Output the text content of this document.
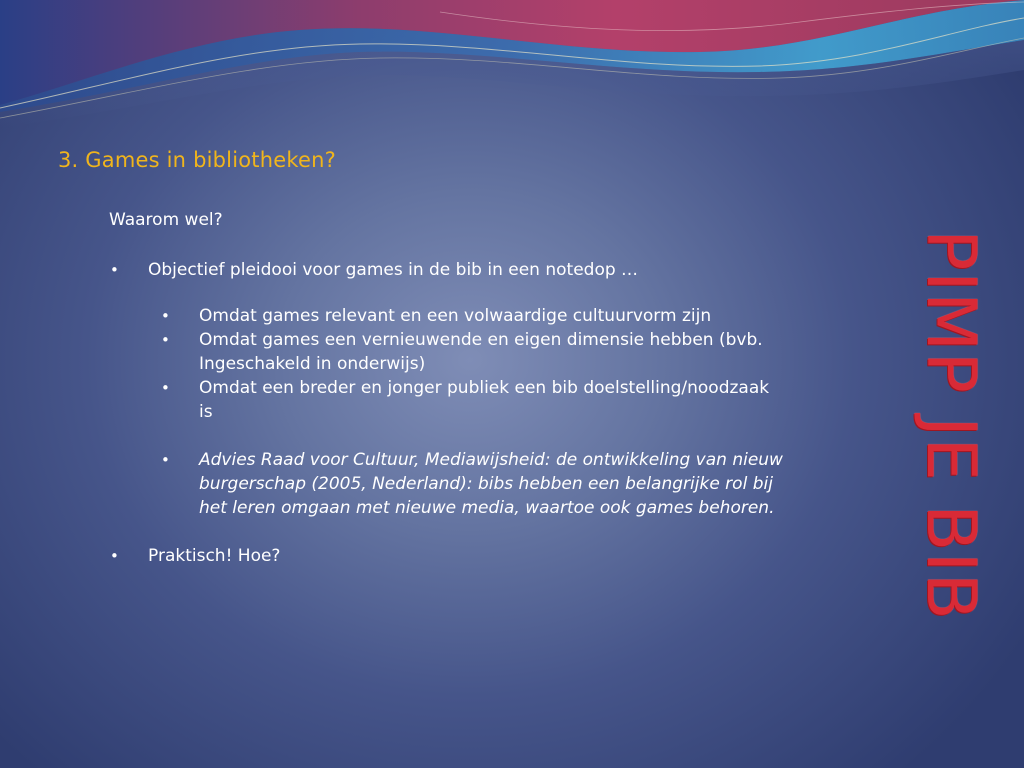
3. Games in bibliotheken?
Waarom wel?
• Objectief pleidooi voor games in de bib in een notedop …
• Omdat games relevant en een volwaardige cultuurvorm zijn
• Omdat games een vernieuwende en eigen dimensie hebben (bvb.
Ingeschakeld in onderwijs)
• Omdat een breder en jonger publiek een bib doelstelling/noodzaak
is
• Advies Raad voor Cultuur, Mediawijsheid: de ontwikkeling van nieuw
burgerschap (2005, Nederland): bibs hebben een belangrijke rol bij
het leren omgaan met nieuwe media, waartoe ook games behoren.
• Praktisch! Hoe?	PIMP JE BIB
